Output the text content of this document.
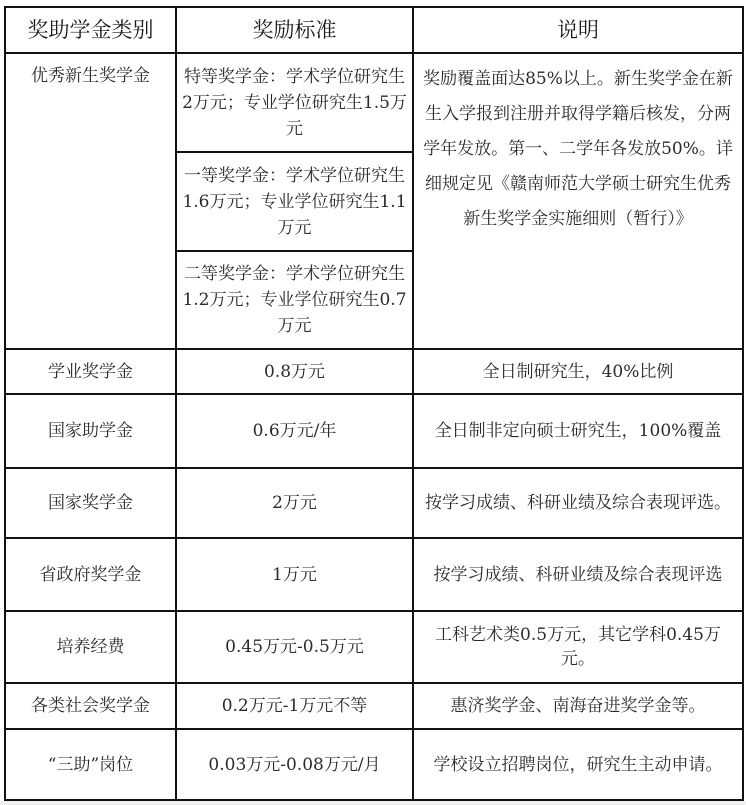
奖助学金类别	奖励标准	说明
优秀新生奖学金	特等奖学金：学术学位研究生2万元；专业学位研究生1.5万元	奖励覆盖面达85%以上。新生奖学金在新生入学报到注册并取得学籍后核发，分两学年发放。第一、二学年各发放50%。详细规定见《赣南师范大学硕士研究生优秀新生奖学金实施细则（暂行）》
	一等奖学金：学术学位研究生1.6万元；专业学位研究生1.1万元	
	二等奖学金：学术学位研究生1.2万元；专业学位研究生0.7万元	
学业奖学金	0.8万元	全日制研究生，40%比例
国家助学金	0.6万元/年	全日制非定向硕士研究生，100%覆盖
国家奖学金	2万元	按学习成绩、科研业绩及综合表现评选。
省政府奖学金	1万元	按学习成绩、科研业绩及综合表现评选
培养经费	0.45万元-0.5万元	工科艺术类0.5万元，其它学科0.45万元。
各类社会奖学金	0.2万元-1万元不等	惠济奖学金、南海奋进奖学金等。
“三助”岗位	0.03万元-0.08万元/月	学校设立招聘岗位，研究生主动申请。
